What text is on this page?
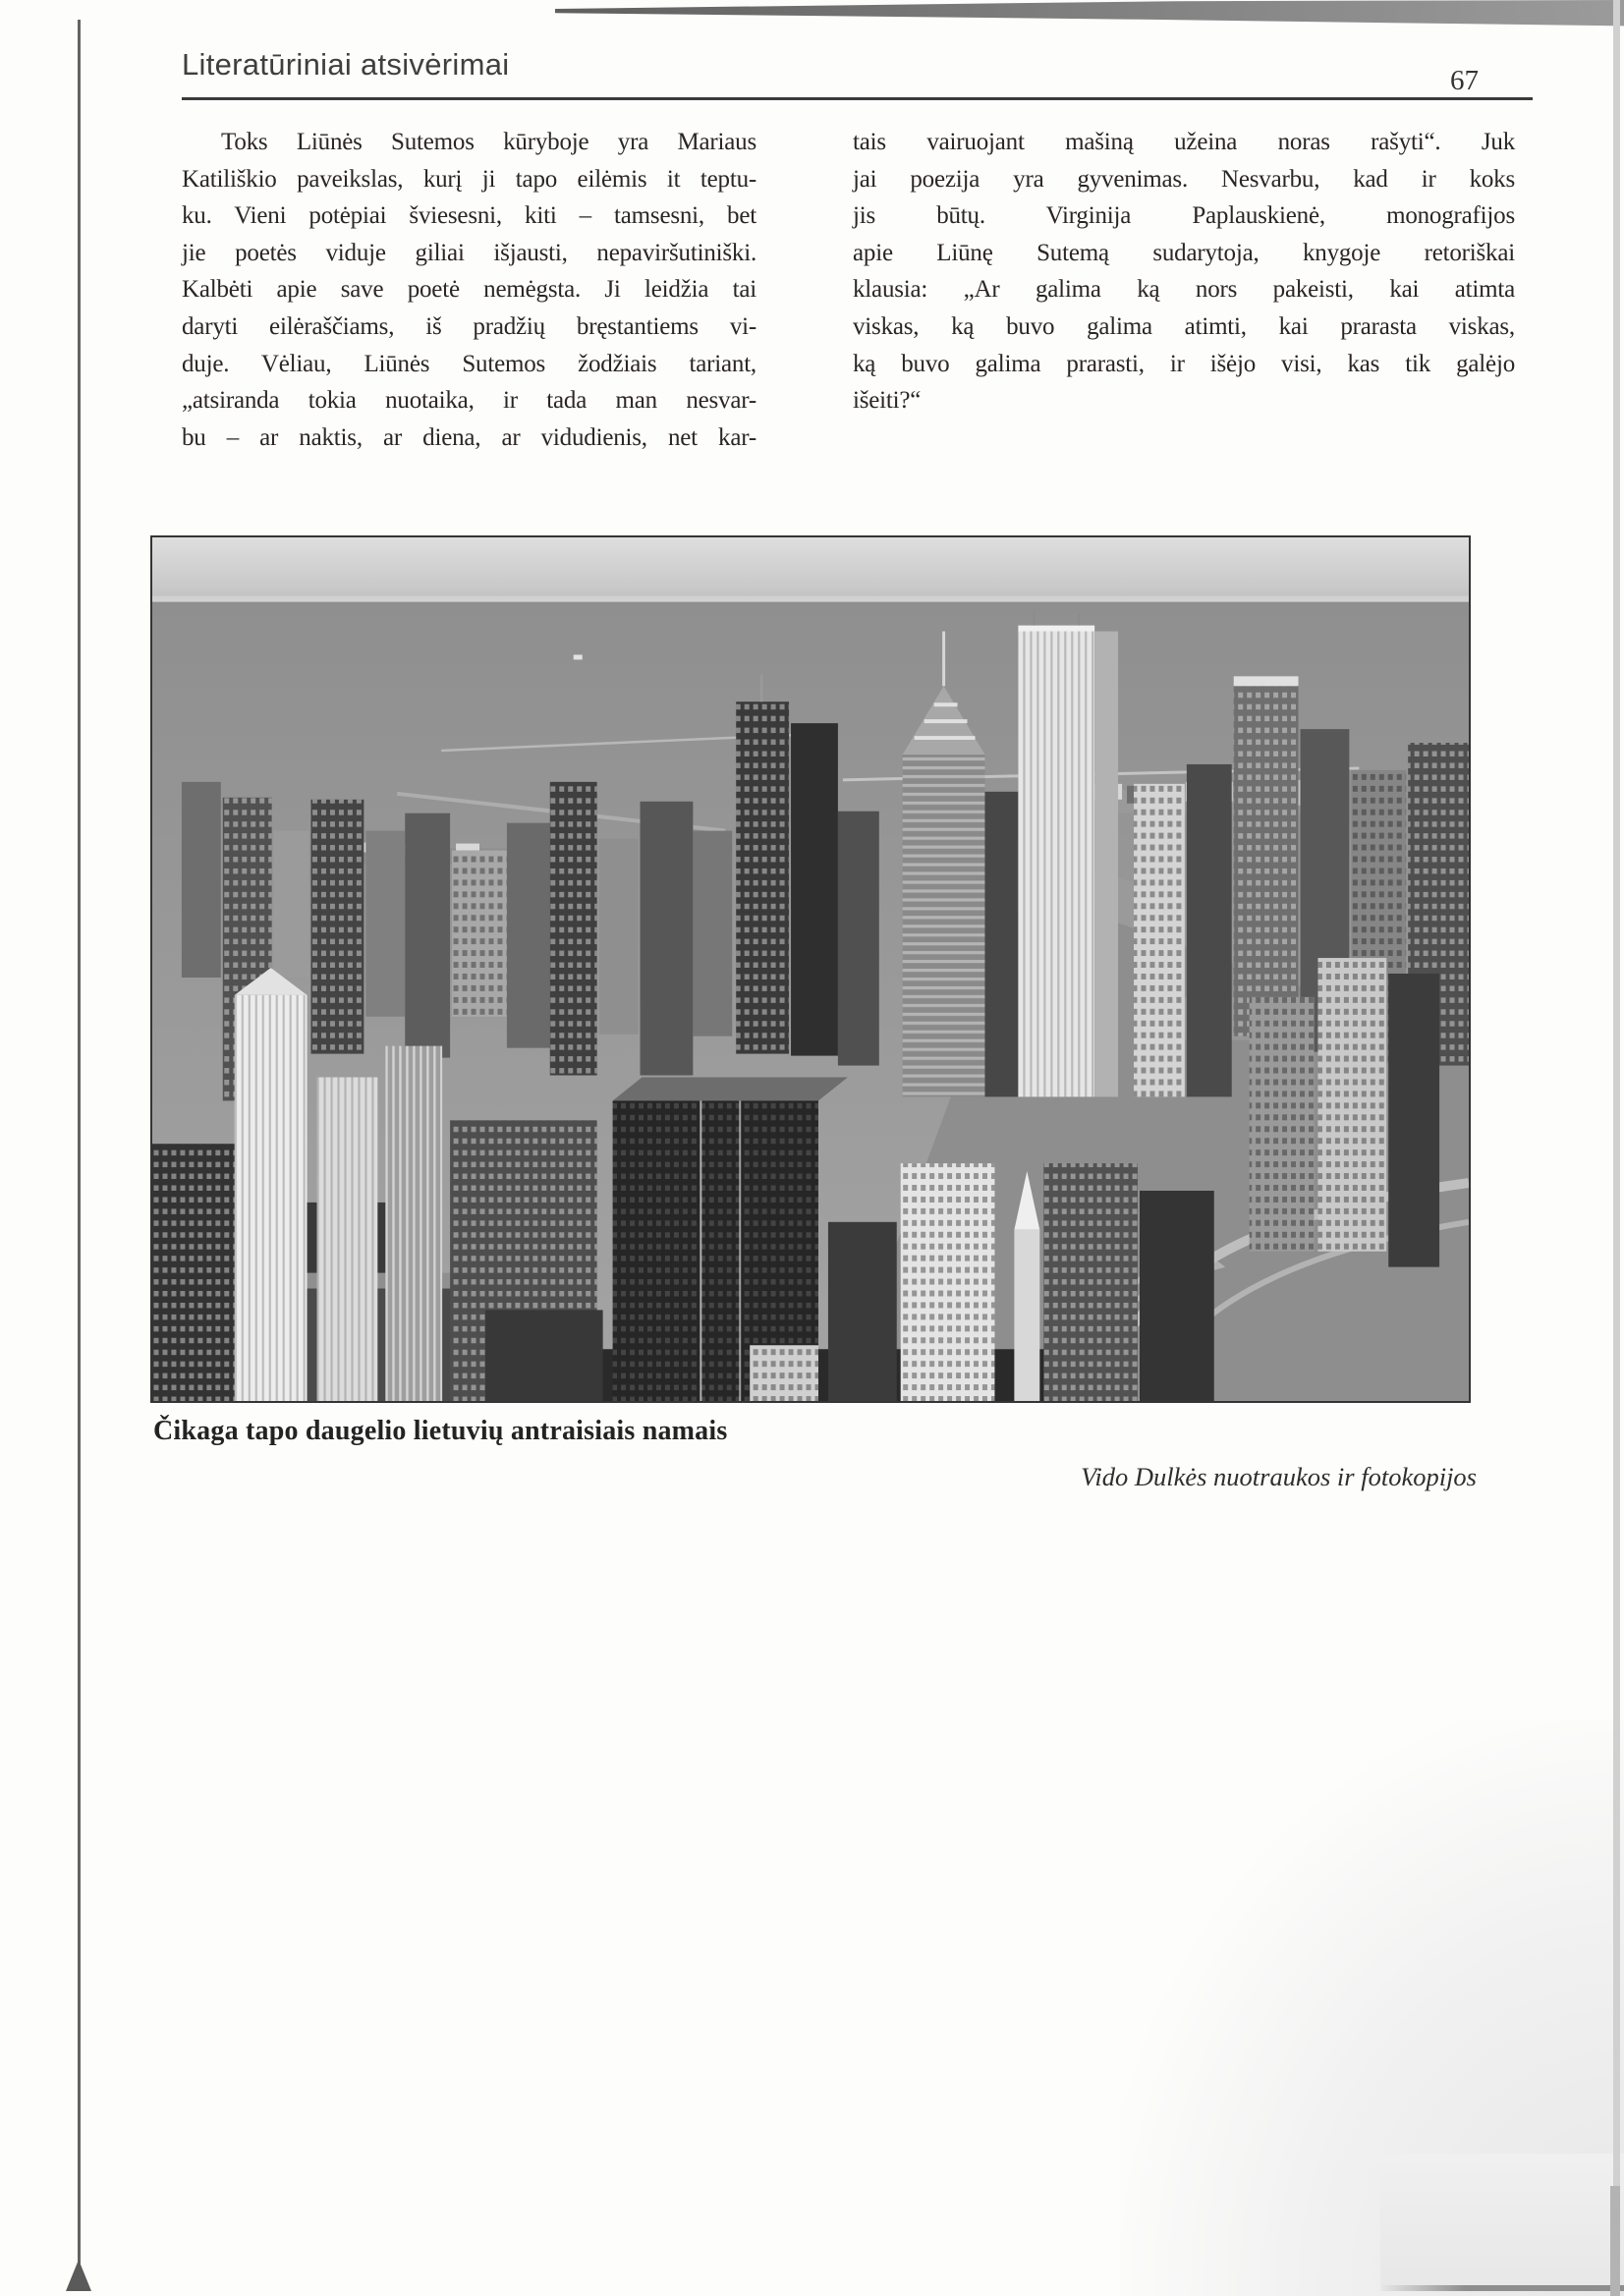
Literatūriniai atsivėrimai	67
Toks Liūnės Sutemos kūryboje yra Mariaus
Katiliškio paveikslas, kurį ji tapo eilėmis it teptu-
ku. Vieni potėpiai šviesesni, kiti – tamsesni, bet
jie poetės viduje giliai išjausti, nepaviršutiniški.
Kalbėti apie save poetė nemėgsta. Ji leidžia tai
daryti eilėraščiams, iš pradžių bręstantiems vi-
duje. Vėliau, Liūnės Sutemos žodžiais tariant,
„atsiranda tokia nuotaika, ir tada man nesvar-
bu – ar naktis, ar diena, ar vidudienis, net kar-
tais vairuojant mašiną užeina noras rašyti“. Juk
jai poezija yra gyvenimas. Nesvarbu, kad ir koks
jis būtų. Virginija Paplauskienė, monografijos
apie Liūnę Sutemą sudarytoja, knygoje retoriškai
klausia: „Ar galima ką nors pakeisti, kai atimta
viskas, ką buvo galima atimti, kai prarasta viskas,
ką buvo galima prarasti, ir išėjo visi, kas tik galėjo
išeiti?“
Čikaga tapo daugelio lietuvių antraisiais namais
Vido Dulkės nuotraukos ir fotokopijos
